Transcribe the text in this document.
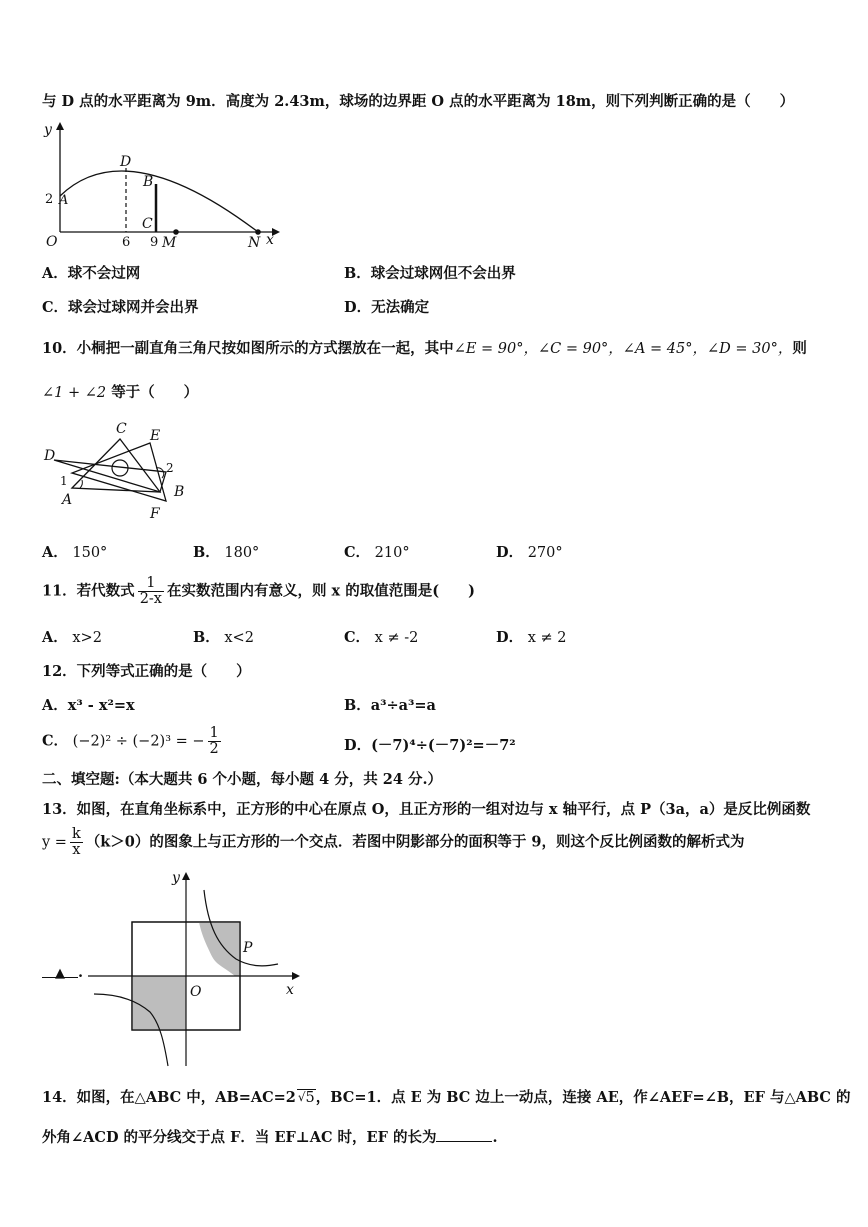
与 D 点的水平距离为 9m．高度为 2.43m，球场的边界距 O 点的水平距离为 18m，则下列判断正确的是（　　）
y
x
O
D
2 A
B
C
6 9 M	N
A．球不会过网	B．球会过球网但不会出界
C．球会过球网并会出界	D．无法确定
10．小桐把一副直角三角尺按如图所示的方式摆放在一起，其中∠E = 90°，∠C = 90°，∠A = 45°，∠D = 30°，则
∠1 + ∠2 等于（　　）
C E
D
1
2
A	B
F
A． 150°	B． 180°	C． 210°	D． 270°
11．若代数式 $\frac{1}{2-x}$ 在实数范围内有意义，则 x 的取值范围是(　　)
A． x>2	B． x<2	C． x ≠ -2	D． x ≠ 2
12．下列等式正确的是（　　）
A．x³ - x²=x	B．a³÷a³=a
C． (−2)² ÷ (−2)³ = − $\frac{1}{2}$	D．(－7)⁴÷(－7)²=－7²
二、填空题:（本大题共 6 个小题，每小题 4 分，共 24 分.）
13．如图，在直角坐标系中，正方形的中心在原点 O，且正方形的一组对边与 x 轴平行，点 P（3a，a）是反比例函数
$y = \frac{k}{x} (k>0)$的图象上与正方形的一个交点．若图中阴影部分的面积等于 9，则这个反比例函数的解析式为
▲ .
y
x
O
P
14．如图，在△ABC 中，AB=AC=2 √5，BC=1．点 E 为 BC 边上一动点，连接 AE，作∠AEF=∠B，EF 与△ABC 的
外角∠ACD 的平分线交于点 F．当 EF⊥AC 时，EF 的长为	.
